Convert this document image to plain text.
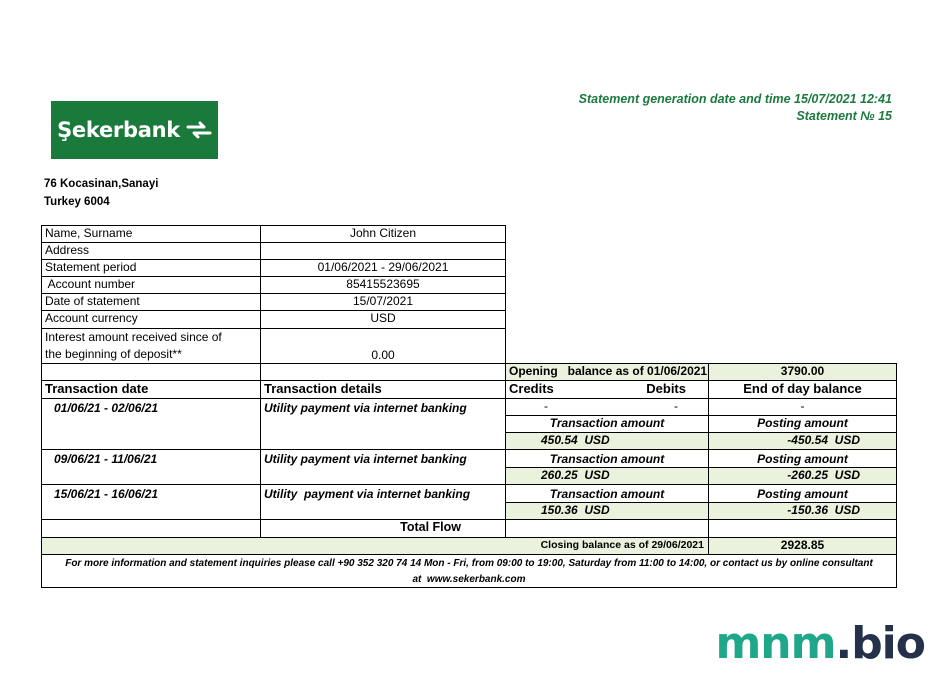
Şekerbank
Statement generation date and time 15/07/2021 12:41
Statement № 15
76 Kocasinan,Sanayi
Turkey 6004
Name, Surname	John Citizen
Address
Statement period	01/06/2021 - 29/06/2021
Account number	85415523695
Date of statement	15/07/2021
Account currency	USD
Interest amount received since of
the beginning of deposit**	0.00
Opening   balance as of 01/06/2021	3790.00
Transaction date	Transaction details	Credits	Debits	End of day balance
01/06/21 - 02/06/21	Utility payment via internet banking	-	-	-
Transaction amount	Posting amount
450.54  USD	-450.54  USD
09/06/21 - 11/06/21	Utility payment via internet banking	Transaction amount	Posting amount
260.25  USD	-260.25  USD
15/06/21 - 16/06/21	Utility  payment via internet banking	Transaction amount	Posting amount
150.36  USD	-150.36  USD
Total Flow
Closing balance as of 29/06/2021	2928.85
For more information and statement inquiries please call +90 352 320 74 14 Mon - Fri, from 09:00 to 19:00, Saturday from 11:00 to 14:00, or contact us by online consultant
at  www.sekerbank.com
mnm.bio
